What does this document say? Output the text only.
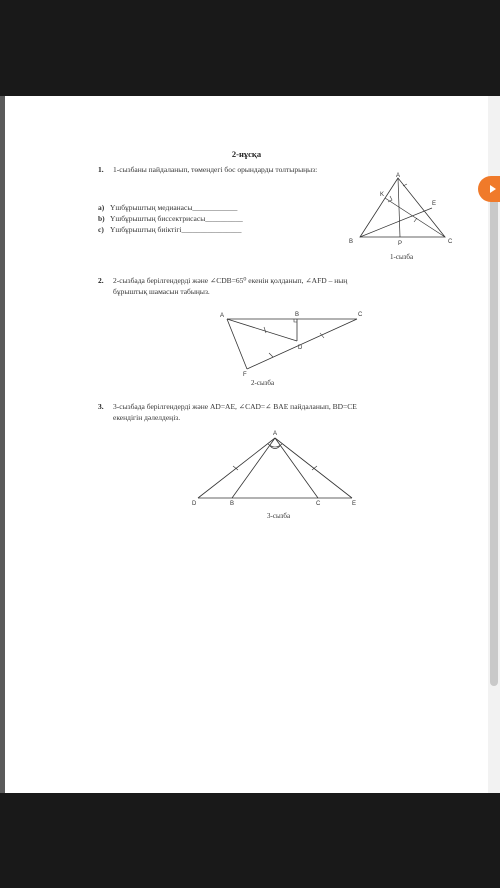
2-нұсқа
1. 1-сызбаны пайдаланып, төмендегі бос орындарды толтырыңыз:
a) Үшбұрыштың медианасы____________
b) Үшбұрыштың биссектрисасы__________
c) Үшбұрыштың биіктігі________________
A
K
E
B	P	C
1-сызба
2. 2-сызбада берілгендерді және ∠CDB=65⁰ екенін қолданып, ∠AFD – ның
бұрыштық шамасын табыңыз.
A	B	C
D
F
2-сызба
3. 3-сызбада берілгендерді және AD=AE, ∠CAD=∠ BAE пайдаланып, BD=CE
екендігін дәлелдеңіз.
A
D	B	C	E
3-сызба
